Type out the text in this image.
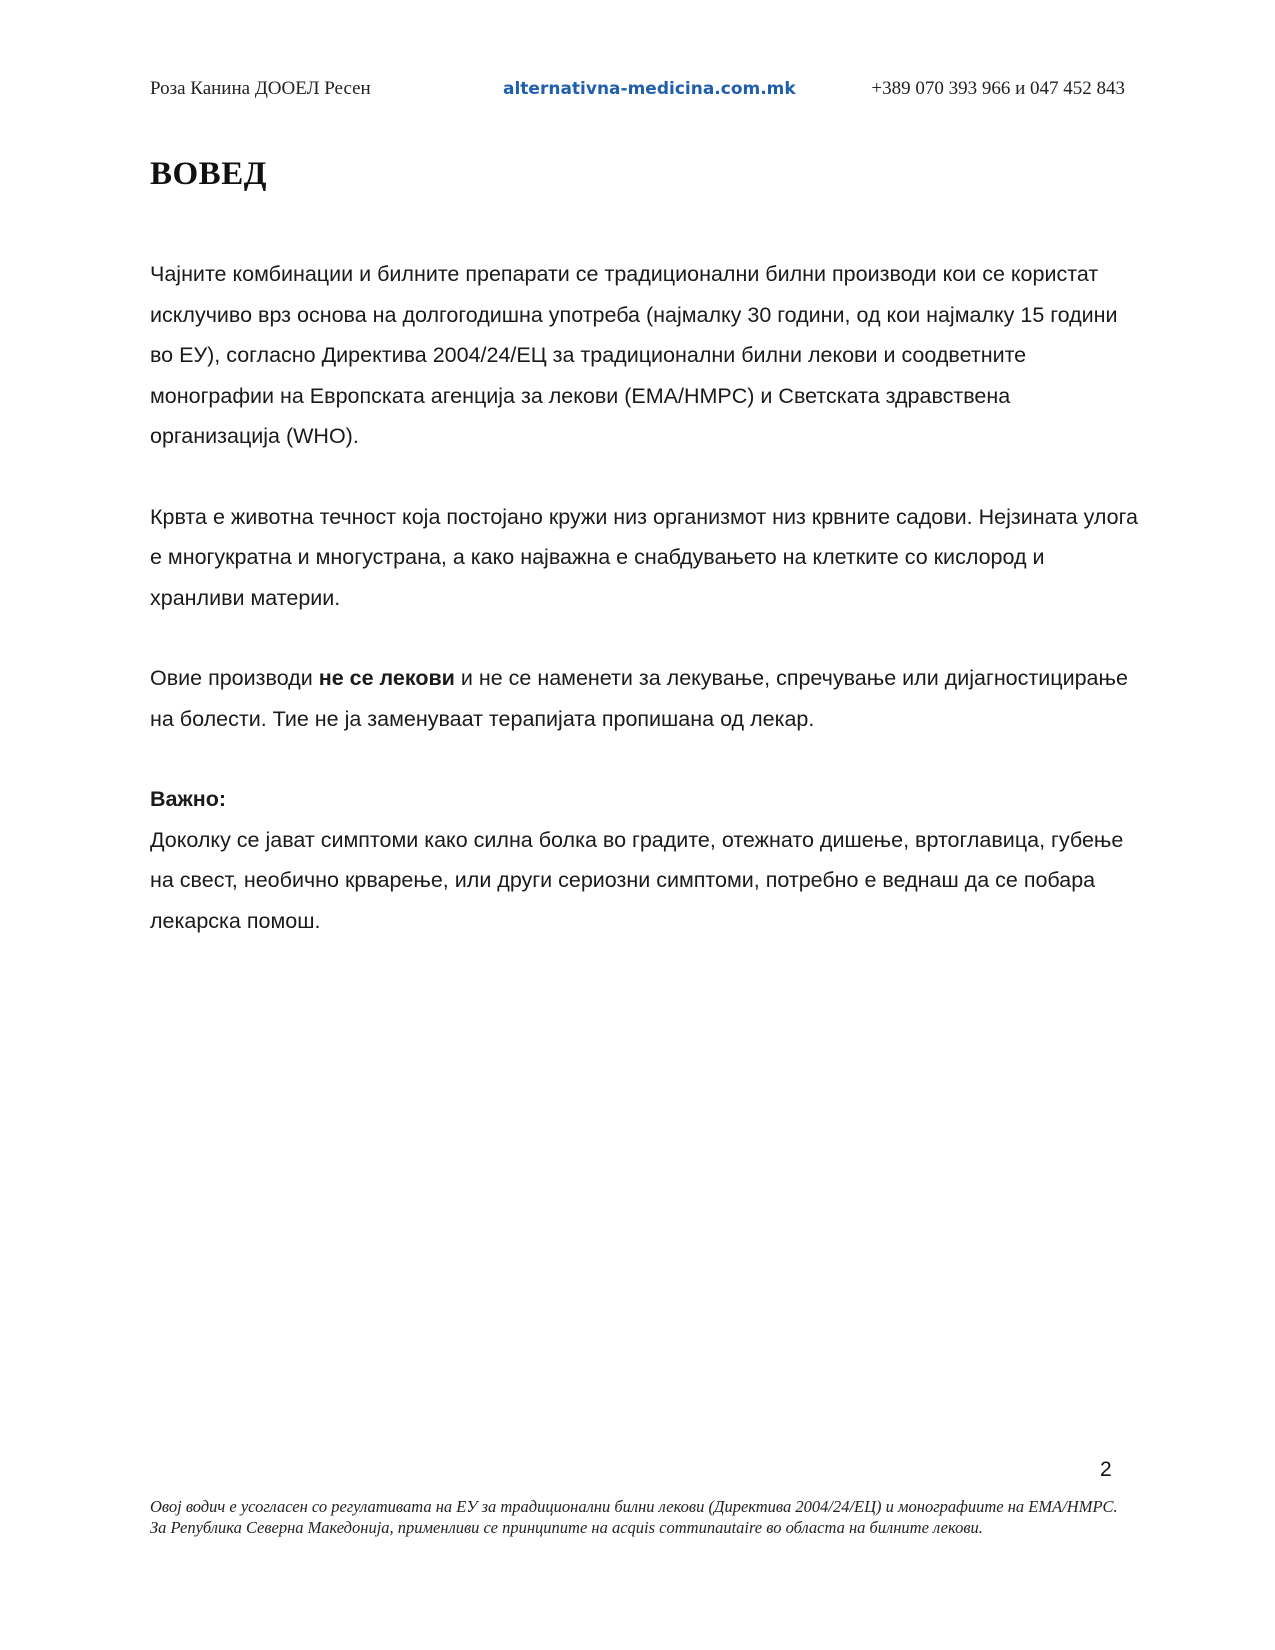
Роза Канина ДООЕЛ Ресен	alternativna-medicina.com.mk	+389 070 393 966 и 047 452 843
ВОВЕД

Чајните комбинации и билните препарати се традиционални билни производи кои се користат исклучиво врз основа на долгогодишна употреба (најмалку 30 години, од кои најмалку 15 години во ЕУ), согласно Директива 2004/24/ЕЦ за традиционални билни лекови и соодветните монографии на Европската агенција за лекови (ЕМА/HMPC) и Светската здравствена организација (WHO).

Крвта е животна течност која постојано кружи низ организмот низ крвните садови. Нејзината улога е многукратна и многустрана, а како најважна е снабдувањето на клетките со кислород и хранливи материи.

Овие производи не се лекови и не се наменети за лекување, спречување или дијагностицирање на болести. Тие не ја заменуваат терапијата пропишана од лекар.

Важно:

Доколку се јават симптоми како силна болка во градите, отежнато дишење, вртоглавица, губење на свест, необично крварење, или други сериозни симптоми, потребно е веднаш да се побара лекарска помош.

2

Овој водич е усогласен со регулативата на ЕУ за традиционални билни лекови (Директива 2004/24/ЕЦ) и монографиите на ЕМА/HMPC. За Република Северна Македонија, применливи се принципите на acquis communautaire во областа на билните лекови.
